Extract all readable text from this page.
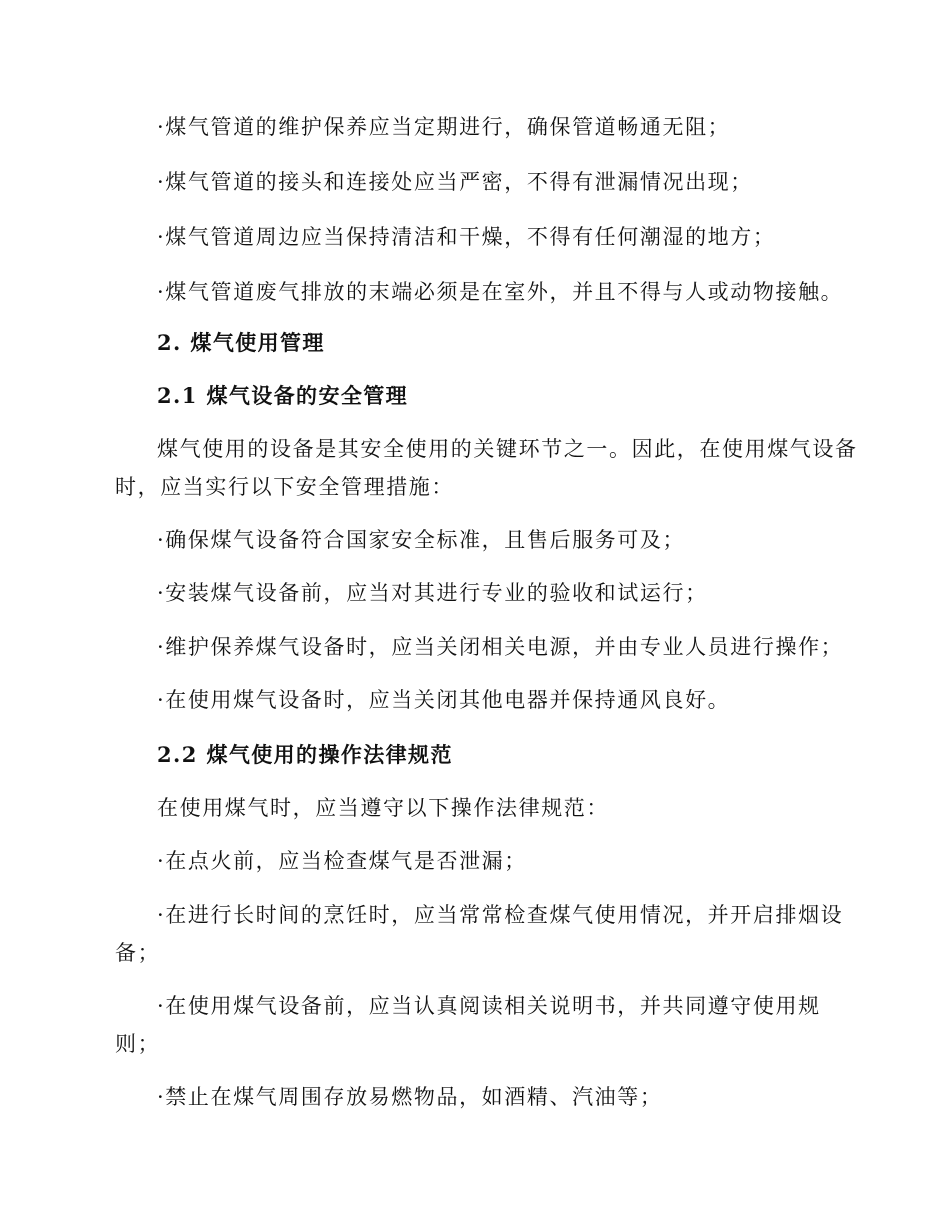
·煤气管道的维护保养应当定期进行，确保管道畅通无阻；
·煤气管道的接头和连接处应当严密，不得有泄漏情况出现；
·煤气管道周边应当保持清洁和干燥，不得有任何潮湿的地方；
·煤气管道废气排放的末端必须是在室外，并且不得与人或动物接触。
2. 煤气使用管理
2.1 煤气设备的安全管理
煤气使用的设备是其安全使用的关键环节之一。因此，在使用煤气设备
时，应当实行以下安全管理措施：
·确保煤气设备符合国家安全标准，且售后服务可及；
·安装煤气设备前，应当对其进行专业的验收和试运行；
·维护保养煤气设备时，应当关闭相关电源，并由专业人员进行操作；
·在使用煤气设备时，应当关闭其他电器并保持通风良好。
2.2 煤气使用的操作法律规范
在使用煤气时，应当遵守以下操作法律规范：
·在点火前，应当检查煤气是否泄漏；
·在进行长时间的烹饪时，应当常常检查煤气使用情况，并开启排烟设
备；
·在使用煤气设备前，应当认真阅读相关说明书，并共同遵守使用规
则；
·禁止在煤气周围存放易燃物品，如酒精、汽油等；
